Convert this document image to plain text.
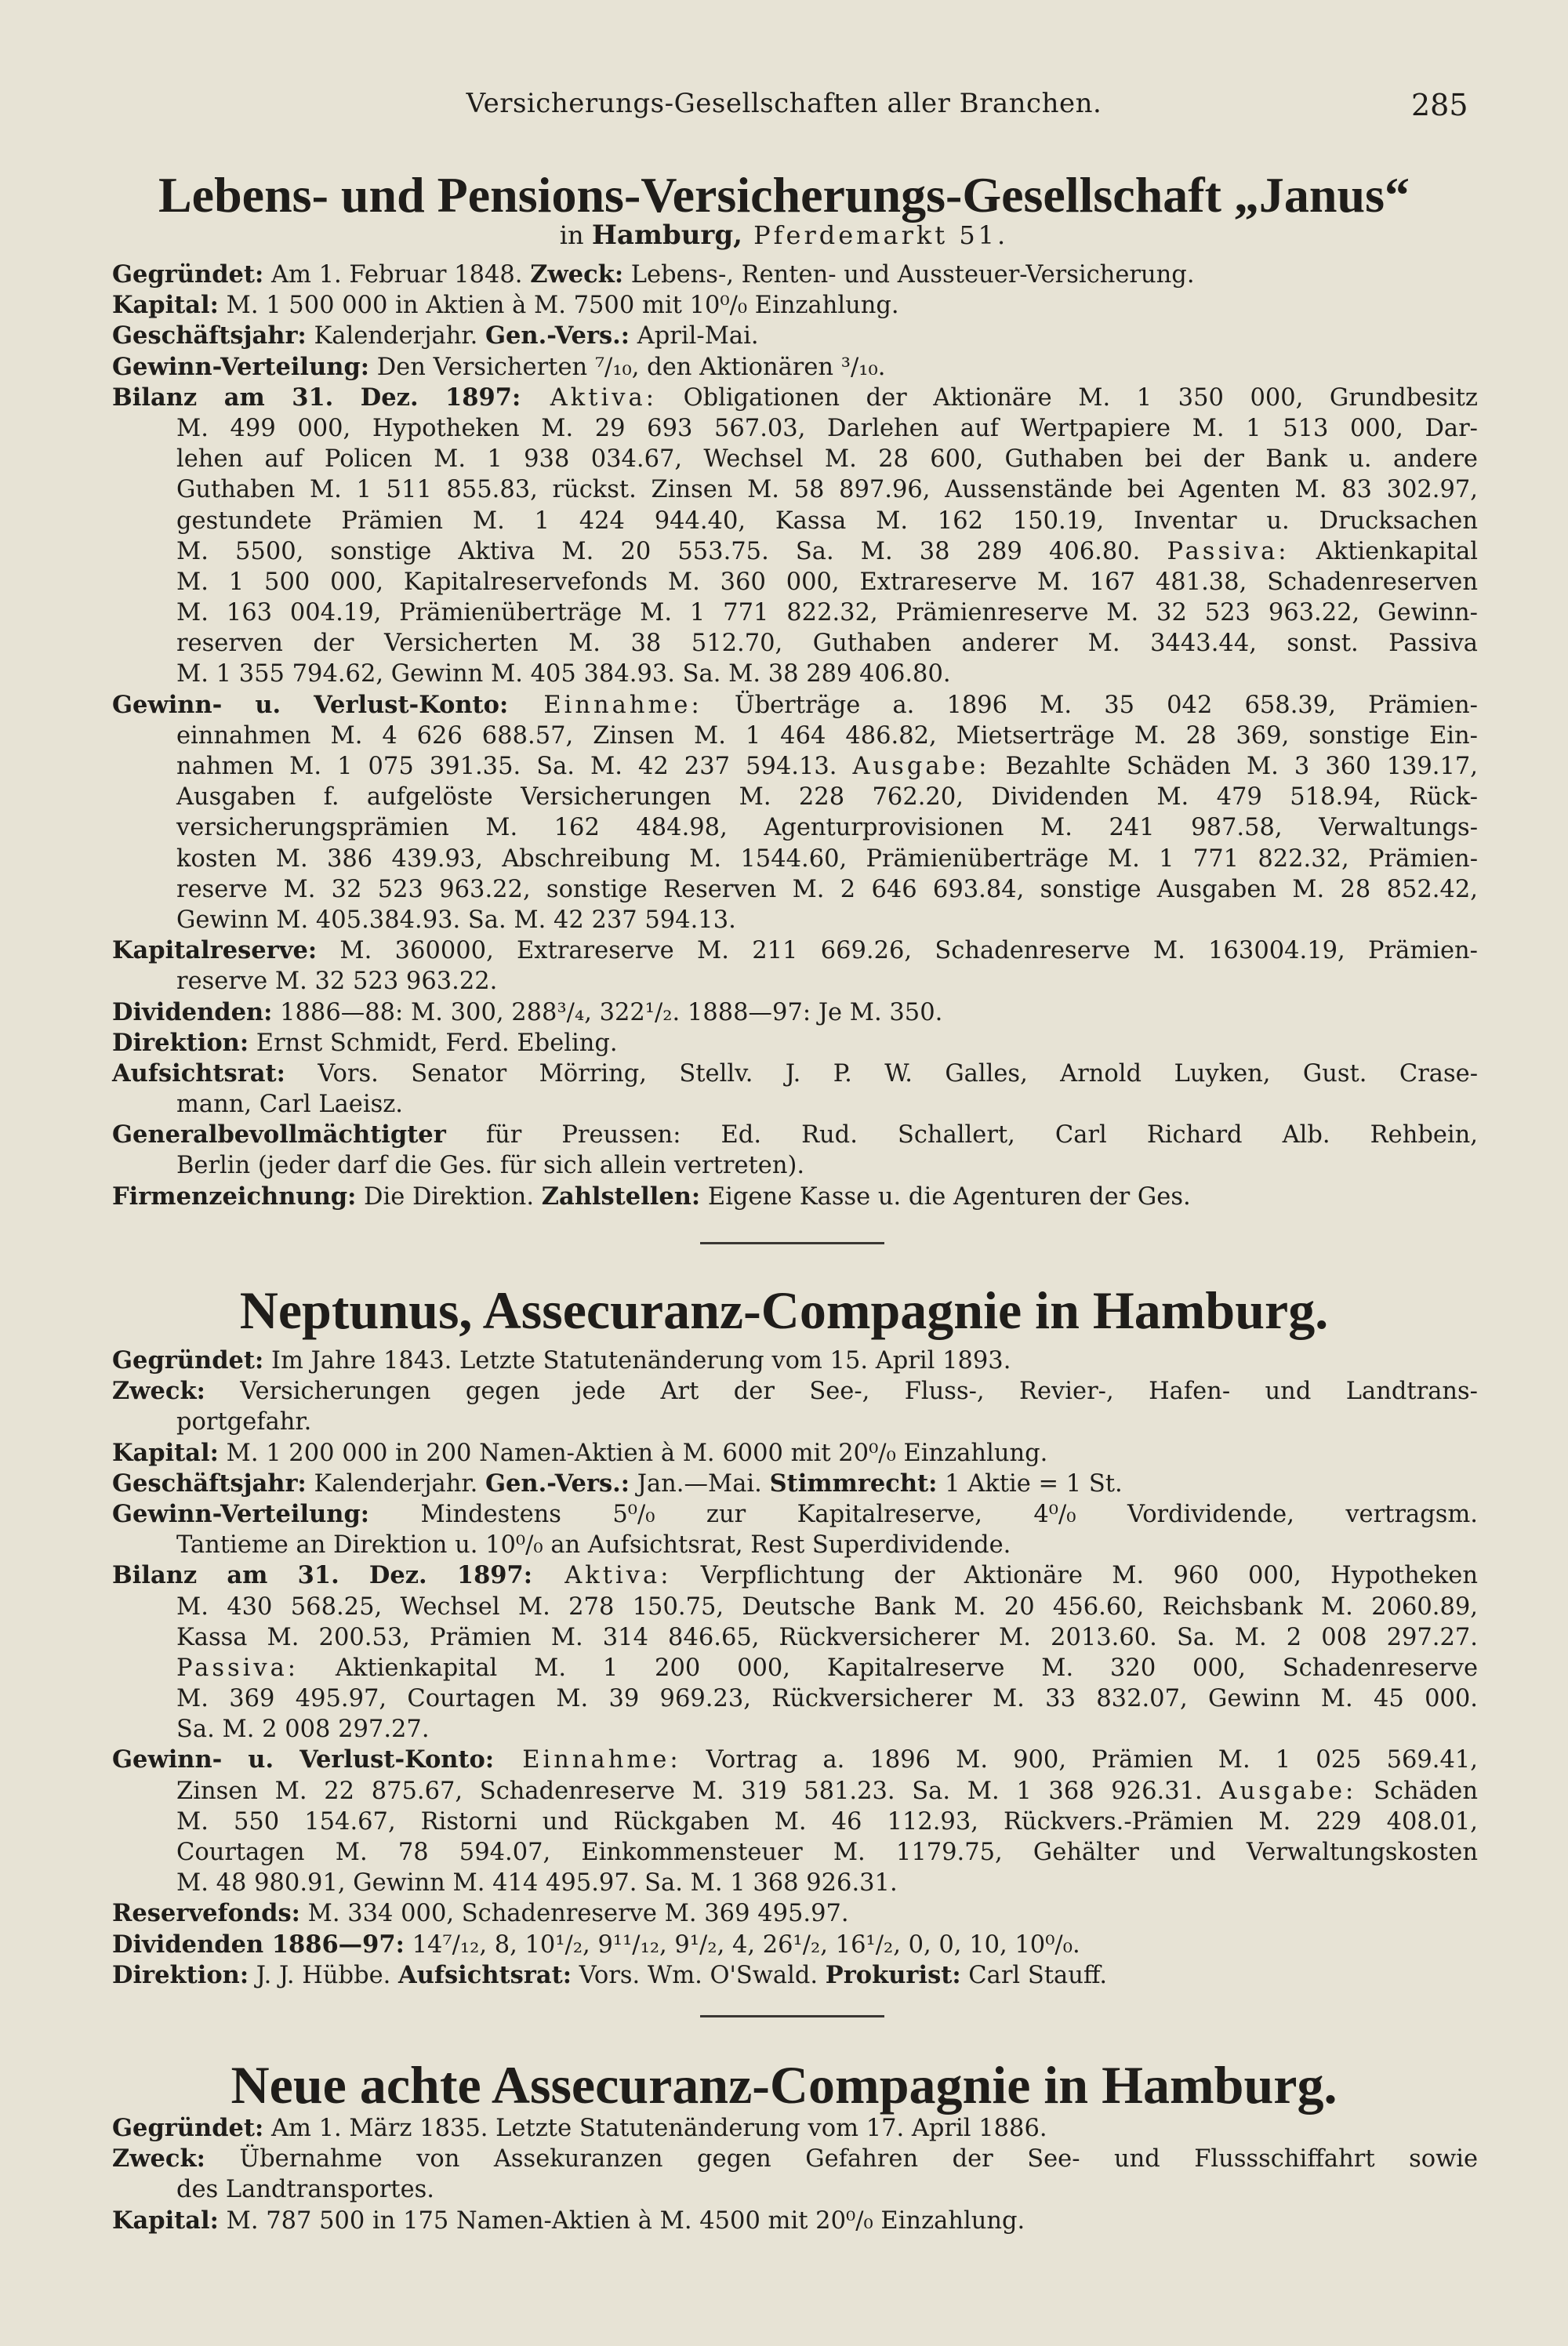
Versicherungs-Gesellschaften aller Branchen.	285
Lebens- und Pensions-Versicherungs-Gesellschaft „Janus“
in Hamburg, Pferdemarkt 51.
Gegründet: Am 1. Februar 1848. Zweck: Lebens-, Renten- und Aussteuer-Versicherung.
Kapital: M. 1 500 000 in Aktien à M. 7500 mit 10⁰/₀ Einzahlung.
Geschäftsjahr: Kalenderjahr. Gen.-Vers.: April-Mai.
Gewinn-Verteilung: Den Versicherten ⁷/₁₀, den Aktionären ³/₁₀.
Bilanz am 31. Dez. 1897: Aktiva: Obligationen der Aktionäre M. 1 350 000, Grundbesitz
M. 499 000, Hypotheken M. 29 693 567.03, Darlehen auf Wertpapiere M. 1 513 000, Dar-
lehen auf Policen M. 1 938 034.67, Wechsel M. 28 600, Guthaben bei der Bank u. andere
Guthaben M. 1 511 855.83, rückst. Zinsen M. 58 897.96, Aussenstände bei Agenten M. 83 302.97,
gestundete Prämien M. 1 424 944.40, Kassa M. 162 150.19, Inventar u. Drucksachen
M. 5500, sonstige Aktiva M. 20 553.75. Sa. M. 38 289 406.80. Passiva: Aktienkapital
M. 1 500 000, Kapitalreservefonds M. 360 000, Extrareserve M. 167 481.38, Schadenreserven
M. 163 004.19, Prämienüberträge M. 1 771 822.32, Prämienreserve M. 32 523 963.22, Gewinn-
reserven der Versicherten M. 38 512.70, Guthaben anderer M. 3443.44, sonst. Passiva
M. 1 355 794.62, Gewinn M. 405 384.93. Sa. M. 38 289 406.80.
Gewinn- u. Verlust-Konto: Einnahme: Überträge a. 1896 M. 35 042 658.39, Prämien-
einnahmen M. 4 626 688.57, Zinsen M. 1 464 486.82, Mietserträge M. 28 369, sonstige Ein-
nahmen M. 1 075 391.35. Sa. M. 42 237 594.13. Ausgabe: Bezahlte Schäden M. 3 360 139.17,
Ausgaben f. aufgelöste Versicherungen M. 228 762.20, Dividenden M. 479 518.94, Rück-
versicherungsprämien M. 162 484.98, Agenturprovisionen M. 241 987.58, Verwaltungs-
kosten M. 386 439.93, Abschreibung M. 1544.60, Prämienüberträge M. 1 771 822.32, Prämien-
reserve M. 32 523 963.22, sonstige Reserven M. 2 646 693.84, sonstige Ausgaben M. 28 852.42,
Gewinn M. 405.384.93. Sa. M. 42 237 594.13.
Kapitalreserve: M. 360000, Extrareserve M. 211 669.26, Schadenreserve M. 163004.19, Prämien-
reserve M. 32 523 963.22.
Dividenden: 1886—88: M. 300, 288³/₄, 322¹/₂. 1888—97: Je M. 350.
Direktion: Ernst Schmidt, Ferd. Ebeling.
Aufsichtsrat: Vors. Senator Mörring, Stellv. J. P. W. Galles, Arnold Luyken, Gust. Crase-
mann, Carl Laeisz.
Generalbevollmächtigter für Preussen: Ed. Rud. Schallert, Carl Richard Alb. Rehbein,
Berlin (jeder darf die Ges. für sich allein vertreten).
Firmenzeichnung: Die Direktion. Zahlstellen: Eigene Kasse u. die Agenturen der Ges.
Neptunus, Assecuranz-Compagnie in Hamburg.
Gegründet: Im Jahre 1843. Letzte Statutenänderung vom 15. April 1893.
Zweck: Versicherungen gegen jede Art der See-, Fluss-, Revier-, Hafen- und Landtrans-
portgefahr.
Kapital: M. 1 200 000 in 200 Namen-Aktien à M. 6000 mit 20⁰/₀ Einzahlung.
Geschäftsjahr: Kalenderjahr. Gen.-Vers.: Jan.—Mai. Stimmrecht: 1 Aktie = 1 St.
Gewinn-Verteilung: Mindestens 5⁰/₀ zur Kapitalreserve, 4⁰/₀ Vordividende, vertragsm.
Tantieme an Direktion u. 10⁰/₀ an Aufsichtsrat, Rest Superdividende.
Bilanz am 31. Dez. 1897: Aktiva: Verpflichtung der Aktionäre M. 960 000, Hypotheken
M. 430 568.25, Wechsel M. 278 150.75, Deutsche Bank M. 20 456.60, Reichsbank M. 2060.89,
Kassa M. 200.53, Prämien M. 314 846.65, Rückversicherer M. 2013.60. Sa. M. 2 008 297.27.
Passiva: Aktienkapital M. 1 200 000, Kapitalreserve M. 320 000, Schadenreserve
M. 369 495.97, Courtagen M. 39 969.23, Rückversicherer M. 33 832.07, Gewinn M. 45 000.
Sa. M. 2 008 297.27.
Gewinn- u. Verlust-Konto: Einnahme: Vortrag a. 1896 M. 900, Prämien M. 1 025 569.41,
Zinsen M. 22 875.67, Schadenreserve M. 319 581.23. Sa. M. 1 368 926.31. Ausgabe: Schäden
M. 550 154.67, Ristorni und Rückgaben M. 46 112.93, Rückvers.-Prämien M. 229 408.01,
Courtagen M. 78 594.07, Einkommensteuer M. 1179.75, Gehälter und Verwaltungskosten
M. 48 980.91, Gewinn M. 414 495.97. Sa. M. 1 368 926.31.
Reservefonds: M. 334 000, Schadenreserve M. 369 495.97.
Dividenden 1886—97: 14⁷/₁₂, 8, 10¹/₂, 9¹¹/₁₂, 9¹/₂, 4, 26¹/₂, 16¹/₂, 0, 0, 10, 10⁰/₀.
Direktion: J. J. Hübbe. Aufsichtsrat: Vors. Wm. O'Swald. Prokurist: Carl Stauff.
Neue achte Assecuranz-Compagnie in Hamburg.
Gegründet: Am 1. März 1835. Letzte Statutenänderung vom 17. April 1886.
Zweck: Übernahme von Assekuranzen gegen Gefahren der See- und Flussschiffahrt sowie
des Landtransportes.
Kapital: M. 787 500 in 175 Namen-Aktien à M. 4500 mit 20⁰/₀ Einzahlung.
